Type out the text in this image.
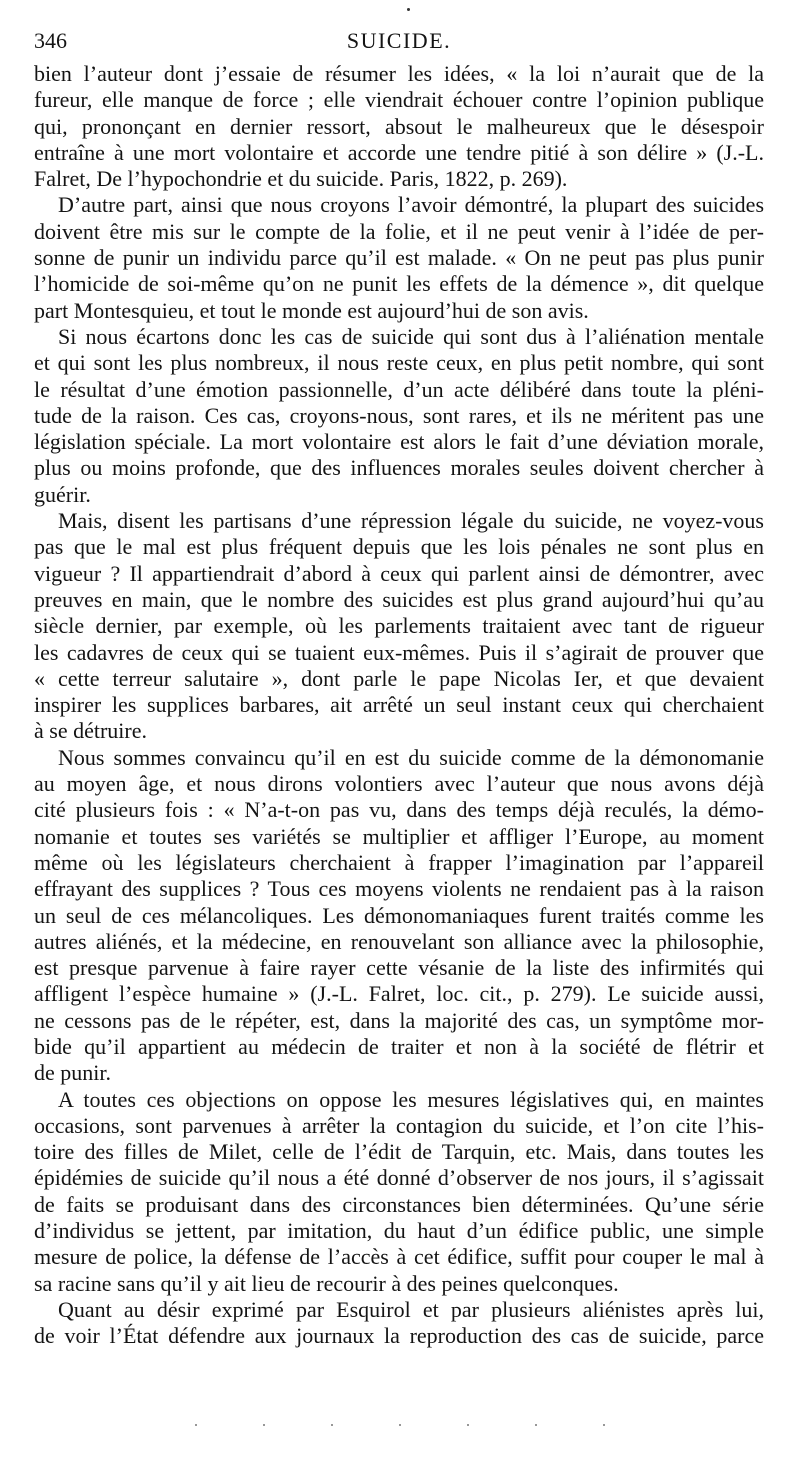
346	SUICIDE.
bien l’auteur dont j’essaie de résumer les idées, « la loi n’aurait que de la
fureur, elle manque de force ; elle viendrait échouer contre l’opinion publique
qui, prononçant en dernier ressort, absout le malheureux que le désespoir
entraîne à une mort volontaire et accorde une tendre pitié à son délire » (J.-L.
Falret, De l’hypochondrie et du suicide. Paris, 1822, p. 269).
D’autre part, ainsi que nous croyons l’avoir démontré, la plupart des suicides
doivent être mis sur le compte de la folie, et il ne peut venir à l’idée de per-
sonne de punir un individu parce qu’il est malade. « On ne peut pas plus punir
l’homicide de soi-même qu’on ne punit les effets de la démence », dit quelque
part Montesquieu, et tout le monde est aujourd’hui de son avis.
Si nous écartons donc les cas de suicide qui sont dus à l’aliénation mentale
et qui sont les plus nombreux, il nous reste ceux, en plus petit nombre, qui sont
le résultat d’une émotion passionnelle, d’un acte délibéré dans toute la pléni-
tude de la raison. Ces cas, croyons-nous, sont rares, et ils ne méritent pas une
législation spéciale. La mort volontaire est alors le fait d’une déviation morale,
plus ou moins profonde, que des influences morales seules doivent chercher à
guérir.
Mais, disent les partisans d’une répression légale du suicide, ne voyez-vous
pas que le mal est plus fréquent depuis que les lois pénales ne sont plus en
vigueur ? Il appartiendrait d’abord à ceux qui parlent ainsi de démontrer, avec
preuves en main, que le nombre des suicides est plus grand aujourd’hui qu’au
siècle dernier, par exemple, où les parlements traitaient avec tant de rigueur
les cadavres de ceux qui se tuaient eux-mêmes. Puis il s’agirait de prouver que
« cette terreur salutaire », dont parle le pape Nicolas Ier, et que devaient
inspirer les supplices barbares, ait arrêté un seul instant ceux qui cherchaient
à se détruire.
Nous sommes convaincu qu’il en est du suicide comme de la démonomanie
au moyen âge, et nous dirons volontiers avec l’auteur que nous avons déjà
cité plusieurs fois : « N’a-t-on pas vu, dans des temps déjà reculés, la démo-
nomanie et toutes ses variétés se multiplier et affliger l’Europe, au moment
même où les législateurs cherchaient à frapper l’imagination par l’appareil
effrayant des supplices ? Tous ces moyens violents ne rendaient pas à la raison
un seul de ces mélancoliques. Les démonomaniaques furent traités comme les
autres aliénés, et la médecine, en renouvelant son alliance avec la philosophie,
est presque parvenue à faire rayer cette vésanie de la liste des infirmités qui
affligent l’espèce humaine » (J.-L. Falret, loc. cit., p. 279). Le suicide aussi,
ne cessons pas de le répéter, est, dans la majorité des cas, un symptôme mor-
bide qu’il appartient au médecin de traiter et non à la société de flétrir et
de punir.
A toutes ces objections on oppose les mesures législatives qui, en maintes
occasions, sont parvenues à arrêter la contagion du suicide, et l’on cite l’his-
toire des filles de Milet, celle de l’édit de Tarquin, etc. Mais, dans toutes les
épidémies de suicide qu’il nous a été donné d’observer de nos jours, il s’agissait
de faits se produisant dans des circonstances bien déterminées. Qu’une série
d’individus se jettent, par imitation, du haut d’un édifice public, une simple
mesure de police, la défense de l’accès à cet édifice, suffit pour couper le mal à
sa racine sans qu’il y ait lieu de recourir à des peines quelconques.
Quant au désir exprimé par Esquirol et par plusieurs aliénistes après lui,
de voir l’État défendre aux journaux la reproduction des cas de suicide, parce
